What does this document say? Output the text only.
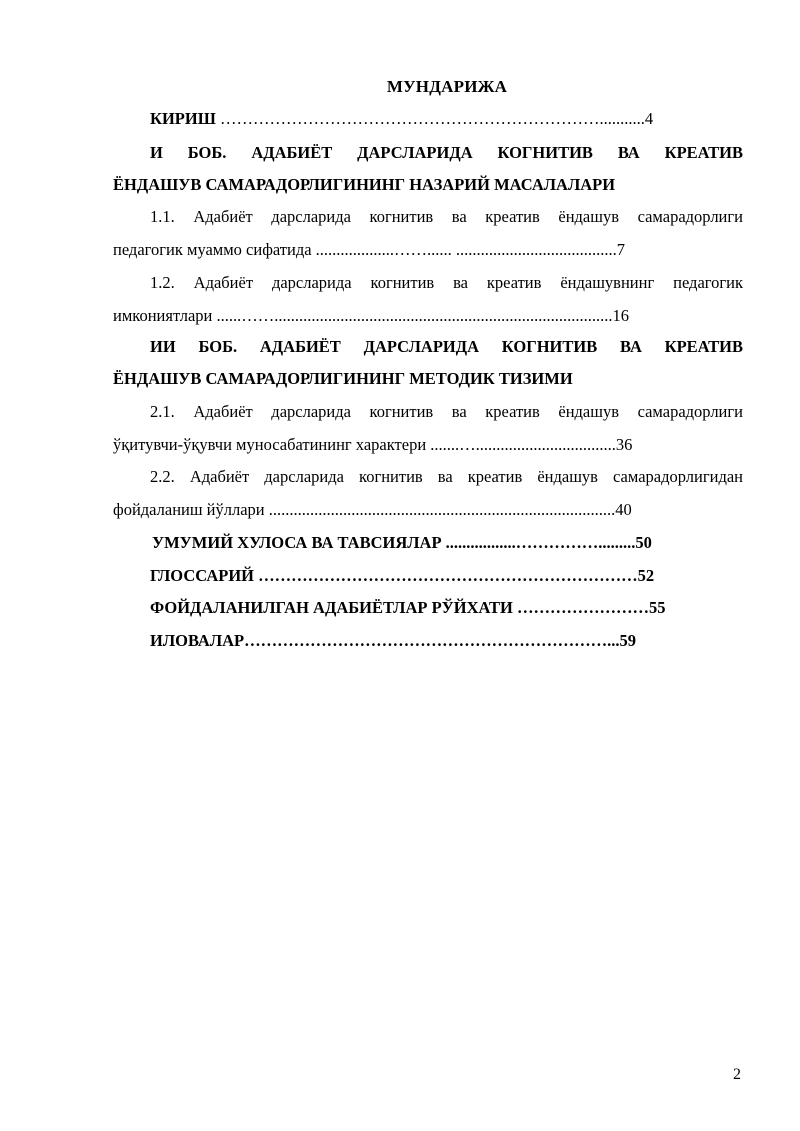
МУНДАРИЖА
КИРИШ ……………………………………………………………...........4
И БОБ. АДАБИЁТ ДАРСЛАРИДА КОГНИТИВ ВА КРЕАТИВ
ЁНДАШУВ САМАРАДОРЛИГИНИНГ НАЗАРИЙ МАСАЛАЛАРИ
1.1. Адабиёт дарсларида когнитив ва креатив ёндашув самарадорлиги
педагогик муаммо сифатида ...................……...... .......................................7
1.2. Адабиёт дарсларида когнитив ва креатив ёндашувнинг педагогик
имкониятлари ......……..................................................................................16
ИИ БОБ. АДАБИЁТ ДАРСЛАРИДА КОГНИТИВ ВА КРЕАТИВ
ЁНДАШУВ САМАРАДОРЛИГИНИНГ МЕТОДИК ТИЗИМИ
2.1. Адабиёт дарсларида когнитив ва креатив ёндашув самарадорлиги
ўқитувчи-ўқувчи муносабатининг характери .......…..................................36
2.2. Адабиёт дарсларида когнитив ва креатив ёндашув самарадорлигидан
фойдаланиш йўллари ....................................................................................40
УМУМИЙ ХУЛОСА ВА ТАВСИЯЛАР .................…………….........50
ГЛОССАРИЙ ……………………………………………………………52
ФОЙДАЛАНИЛГАН АДАБИЁТЛАР РЎЙХАТИ ……………………55
ИЛОВАЛАР…………………………………………………………...59
2
